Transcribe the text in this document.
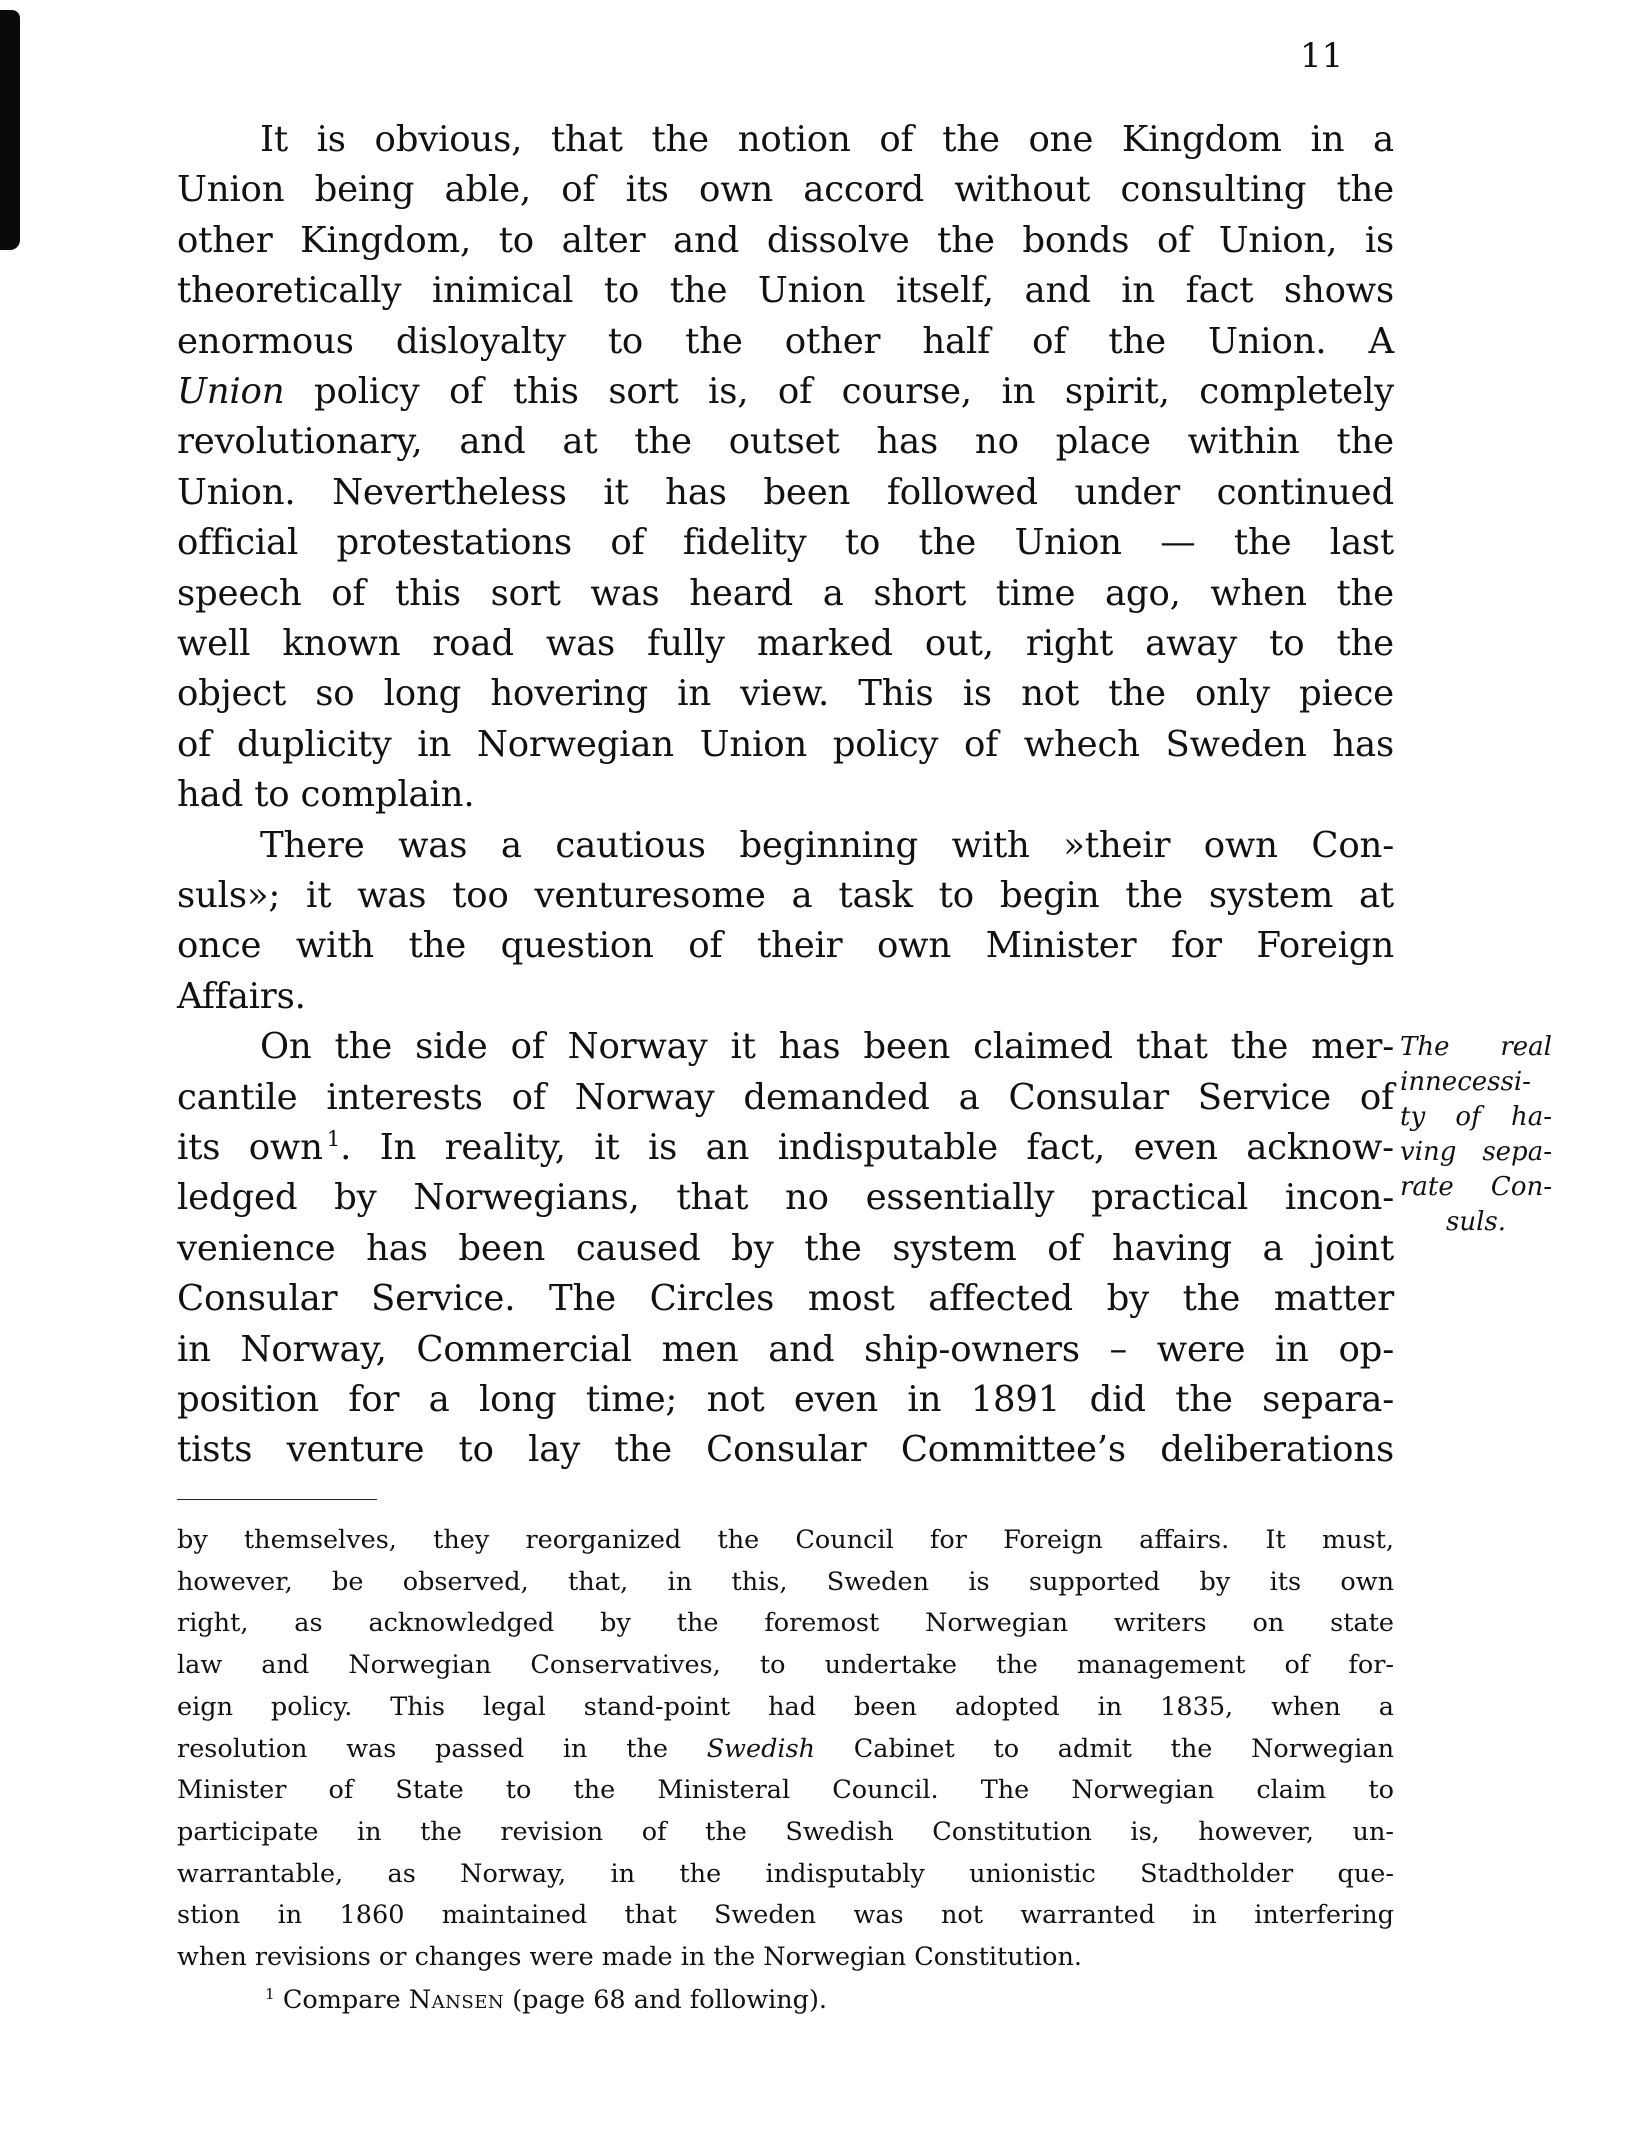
11
It is obvious, that the notion of the one Kingdom in a
Union being able, of its own accord without consulting the
other Kingdom, to alter and dissolve the bonds of Union, is
theoretically inimical to the Union itself, and in fact shows
enormous disloyalty to the other half of the Union. A
Union policy of this sort is, of course, in spirit, completely
revolutionary, and at the outset has no place within the
Union. Nevertheless it has been followed under continued
official protestations of fidelity to the Union — the last
speech of this sort was heard a short time ago, when the
well known road was fully marked out, right away to the
object so long hovering in view. This is not the only piece
of duplicity in Norwegian Union policy of whech Sweden has
had to complain.
There was a cautious beginning with »their own Con-
suls»; it was too venturesome a task to begin the system at
once with the question of their own Minister for Foreign
Affairs.
On the side of Norway it has been claimed that the mer-
cantile interests of Norway demanded a Consular Service of
its own $^1$. In reality, it is an indisputable fact, even acknow-
ledged by Norwegians, that no essentially practical incon-
venience has been caused by the system of having a joint
Consular Service. The Circles most affected by the matter
in Norway, Commercial men and ship-owners – were in op-
position for a long time; not even in 1891 did the separa-
tists venture to lay the Consular Committee’s deliberations
The real
innecessi-
ty of ha-
ving sepa-
rate Con-
suls.
by themselves, they reorganized the Council for Foreign affairs. It must,
however, be observed, that, in this, Sweden is supported by its own
right, as acknowledged by the foremost Norwegian writers on state
law and Norwegian Conservatives, to undertake the management of for-
eign policy. This legal stand-point had been adopted in 1835, when a
resolution was passed in the Swedish Cabinet to admit the Norwegian
Minister of State to the Ministeral Council. The Norwegian claim to
participate in the revision of the Swedish Constitution is, however, un-
warrantable, as Norway, in the indisputably unionistic Stadtholder que-
stion in 1860 maintained that Sweden was not warranted in interfering
when revisions or changes were made in the Norwegian Constitution.
$^1$ Compare Nansen (page 68 and following).
